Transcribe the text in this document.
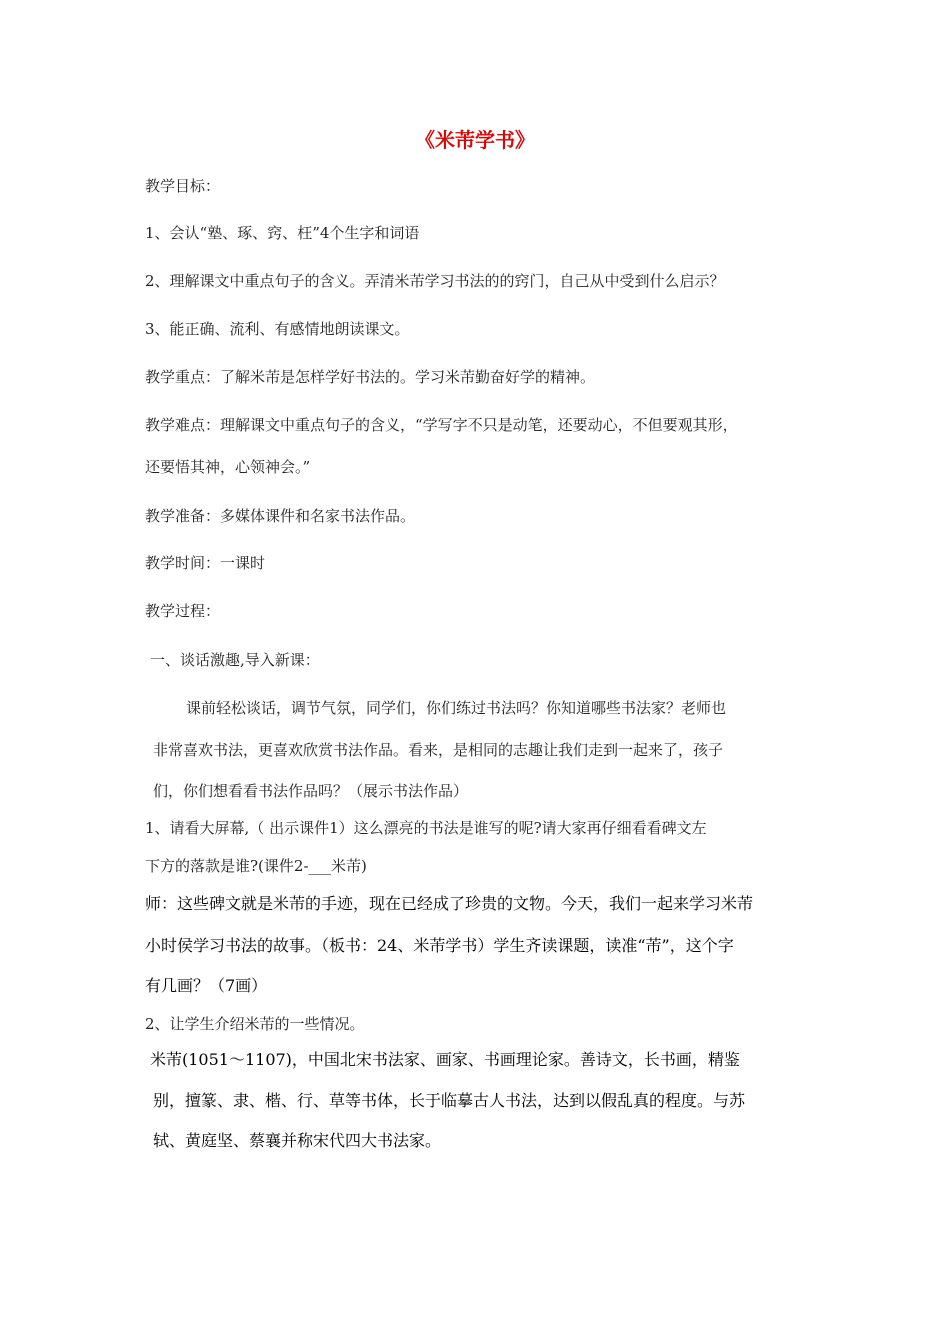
《米芾学书》
教学目标：
1、会认“塾、琢、窍、枉”4个生字和词语
2、理解课文中重点句子的含义。弄清米芾学习书法的的窍门，自己从中受到什么启示？
3、能正确、流利、有感情地朗读课文。
教学重点：了解米芾是怎样学好书法的。学习米芾勤奋好学的精神。
教学难点：理解课文中重点句子的含义，“学写字不只是动笔，还要动心，不但要观其形，
还要悟其神，心领神会。”
教学准备：多媒体课件和名家书法作品。
教学时间：一课时
教学过程：
一、谈话激趣,导入新课：
课前轻松谈话，调节气氛，同学们，你们练过书法吗？你知道哪些书法家？老师也
非常喜欢书法，更喜欢欣赏书法作品。看来，是相同的志趣让我们走到一起来了，孩子
们，你们想看看书法作品吗？（展示书法作品）
1、请看大屏幕,（ 出示课件1）这么漂亮的书法是谁写的呢?请大家再仔细看看碑文左
下方的落款是谁?(课件2-___米芾)
师：这些碑文就是米芾的手迹，现在已经成了珍贵的文物。今天，我们一起来学习米芾
小时侯学习书法的故事。（板书：24、米芾学书）学生齐读课题，读准“芾”，这个字
有几画？（7画）
2、让学生介绍米芾的一些情况。
米芾(1051～1107)，中国北宋书法家、画家、书画理论家。善诗文，长书画，精鉴
别，擅篆、隶、楷、行、草等书体，长于临摹古人书法，达到以假乱真的程度。与苏
轼、黄庭坚、蔡襄并称宋代四大书法家。
